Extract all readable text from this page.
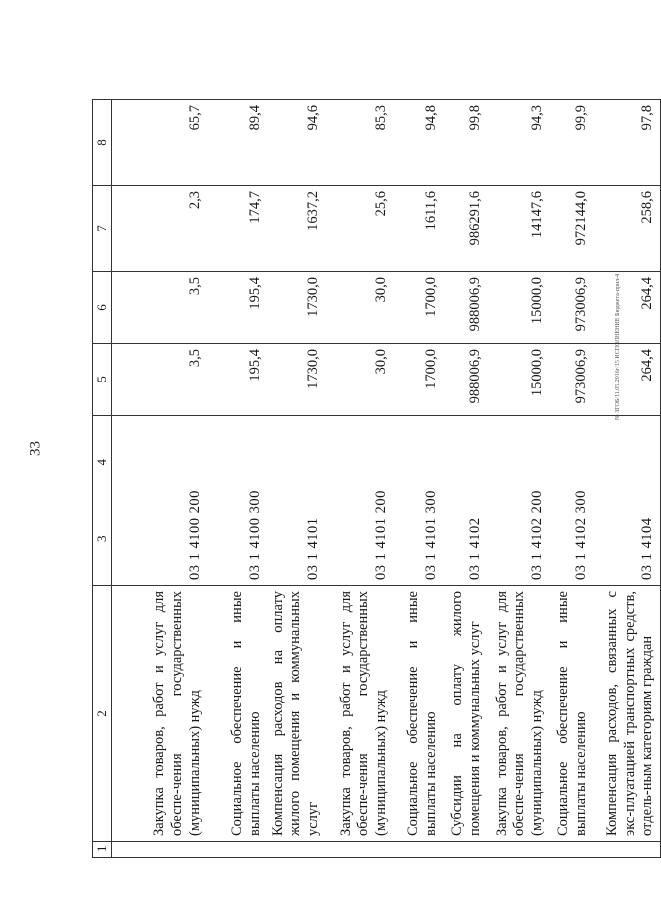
33
1	2	34	5	6	7	8
	Закупка товаров, работ и услуг для обеспе-чения государственных (муниципальных) нужд	03 1 4100 200	3,5	3,5	2,3	65,7
	Социальное обеспечение и иные выплаты населению	03 1 4100 300	195,4	195,4	174,7	89,4
	Компенсация расходов на оплату жилого помещения и коммунальных услуг	03 1 4101	1730,0	1730,0	1637,2	94,6
	Закупка товаров, работ и услуг для обеспе-чения государственных (муниципальных) нужд	03 1 4101 200	30,0	30,0	25,6	85,3
	Социальное обеспечение и иные выплаты населению	03 1 4101 300	1700,0	1700,0	1611,6	94,8
	Субсидии на оплату жилого помещения и коммунальных услуг	03 1 4102	988006,9	988006,9	986291,6	99,8
	Закупка товаров, работ и услуг для обеспе-чения государственных (муниципальных) нужд	03 1 4102 200	15000,0	15000,0	14147,6	94,3
	Социальное обеспечение и иные выплаты населению	03 1 4102 300	973006,9	973006,9	972144,0	99,9
	Компенсация расходов, связанных с экс-плуатацией транспортных средств, отдель-ным категориям граждан	03 1 4104	264,4	264,4	258,6	97,8
№ ЗГОБ/11.05.2016г/15 ИСПОЛНЕНИЕ Бюджета-прил-4
